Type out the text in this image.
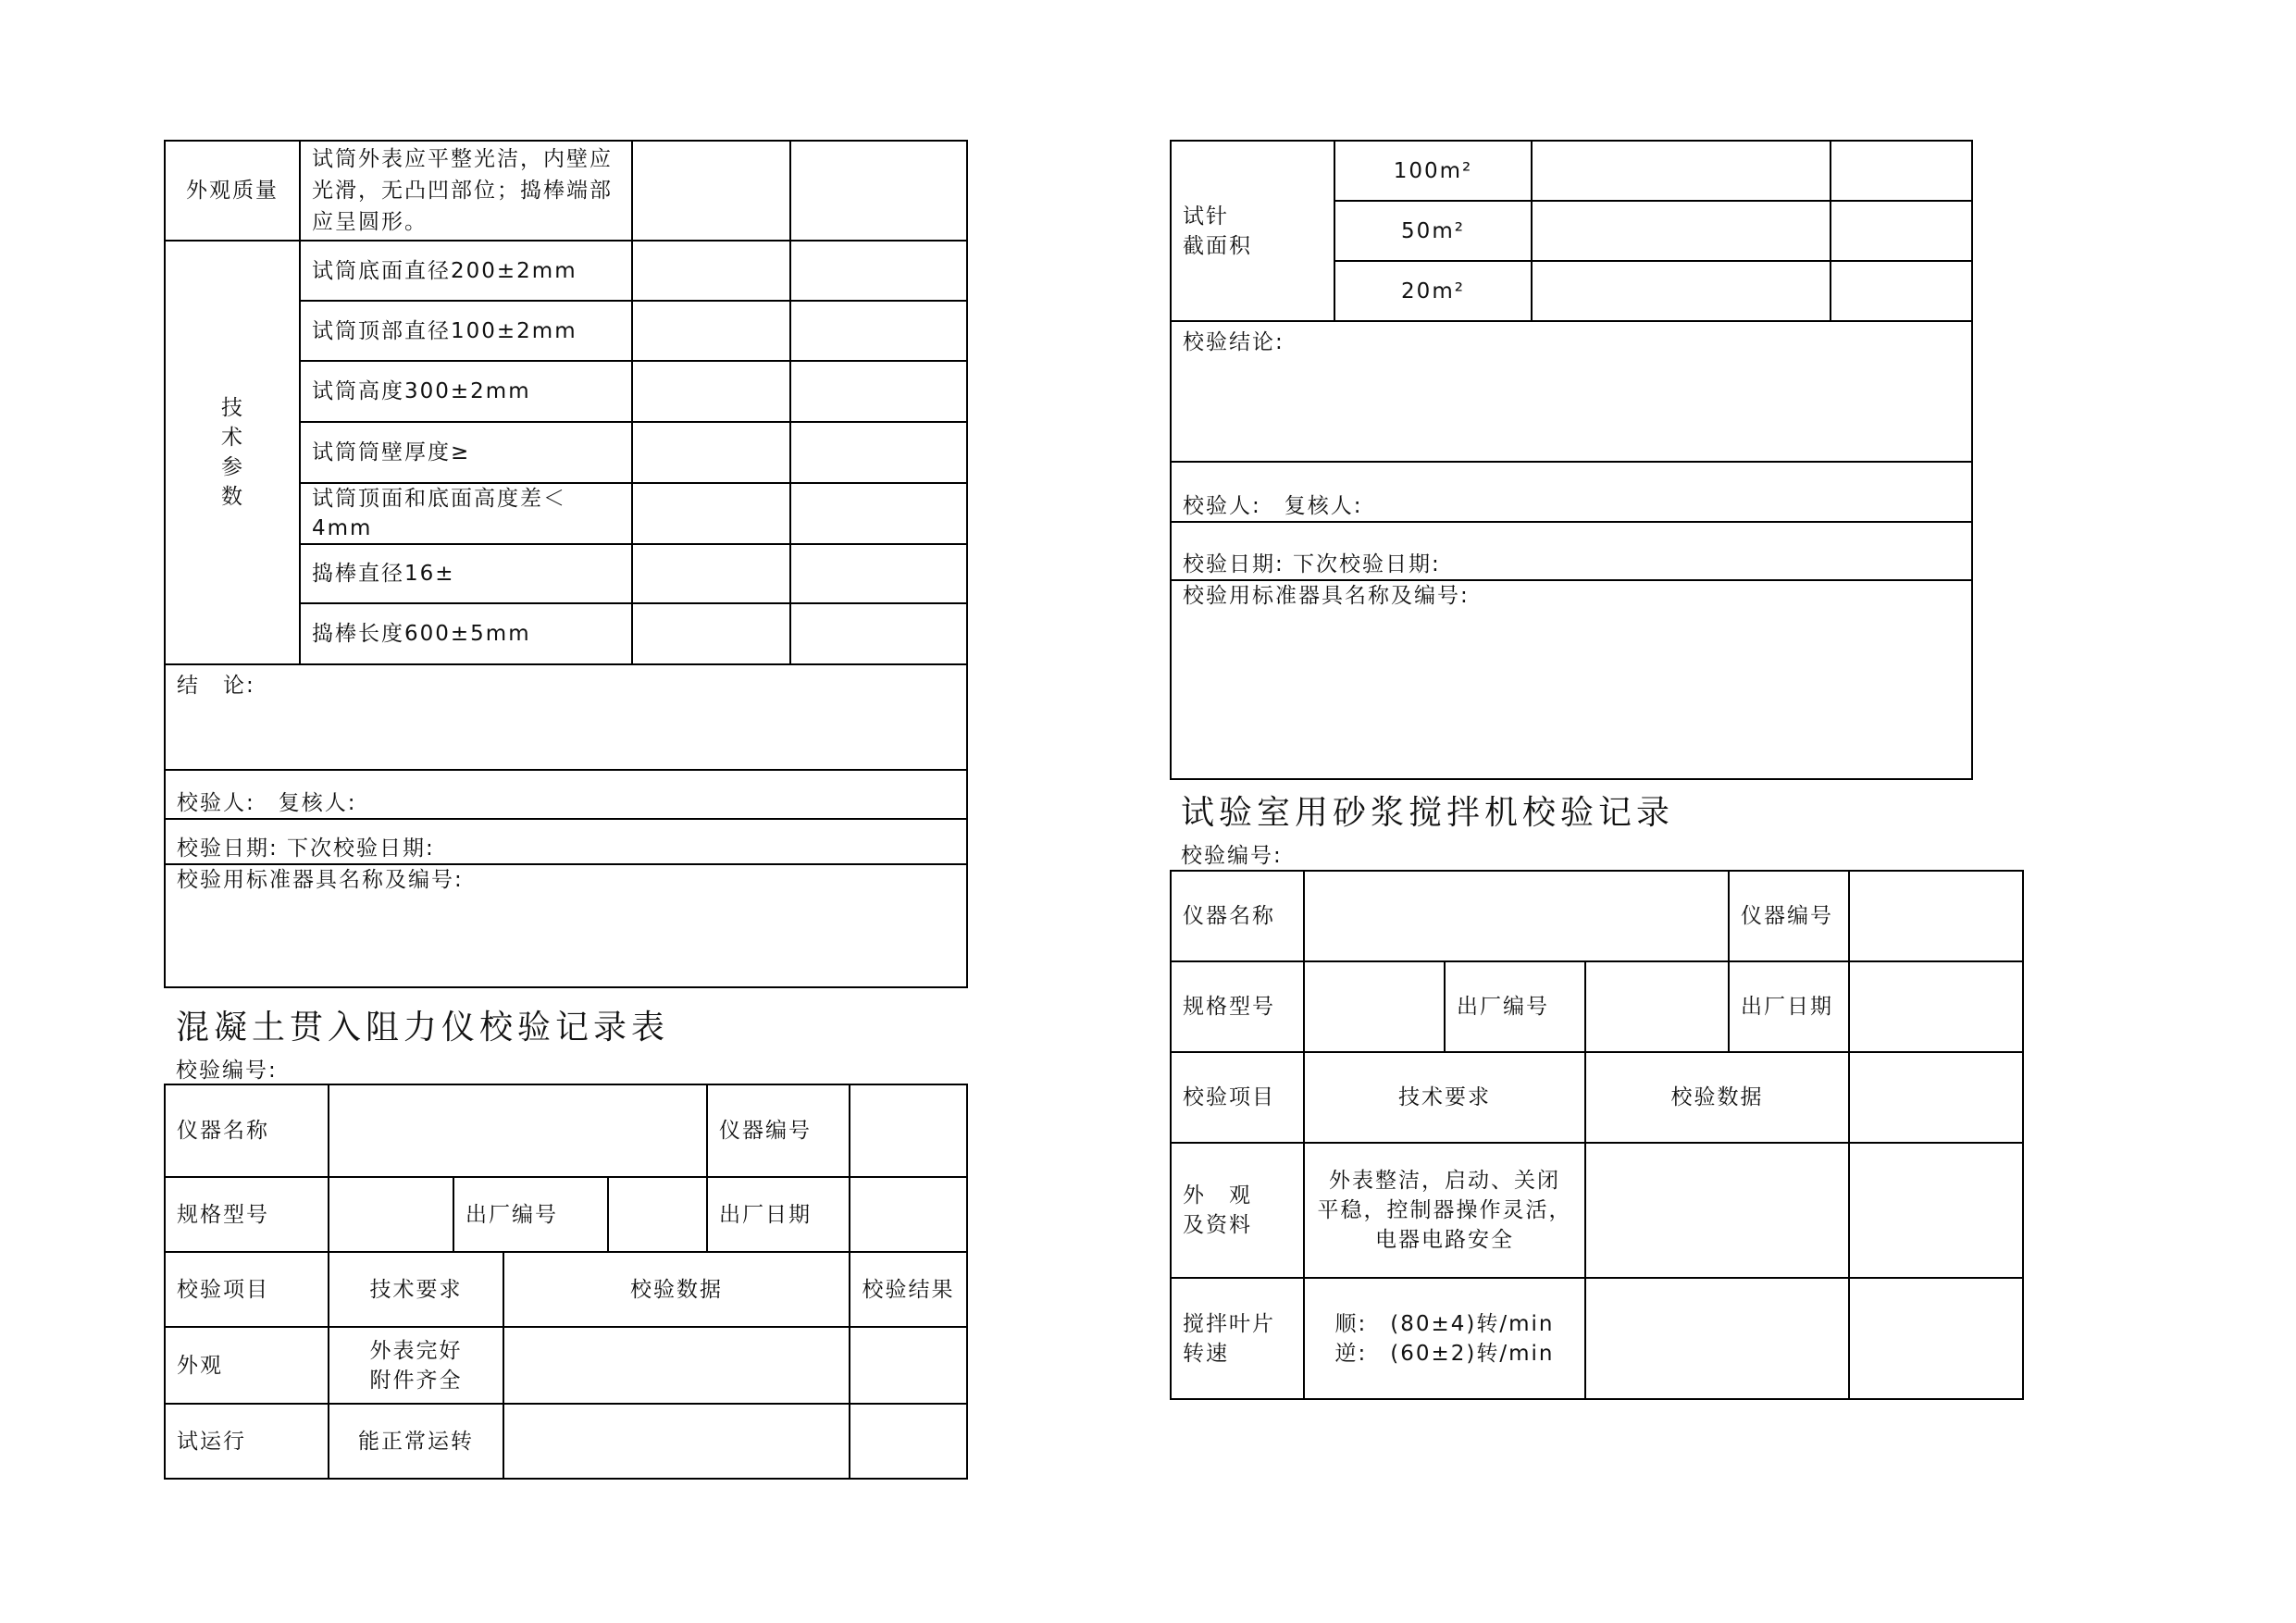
外观质量	试筒外表应平整光洁，内壁应光滑，无凸凹部位；捣棒端部应呈圆形。		

技术参数	试筒底面直径200±2mm		
	试筒顶部直径100±2mm		
	试筒高度300±2mm		
	试筒筒壁厚度≥		
	试筒顶面和底面高度差＜4mm		
	捣棒直径16±		
	捣棒长度600±5mm		
结　论:			
校验人:　复核人:			
校验日期: 下次校验日期:			
校验用标准器具名称及编号:			
混凝土贯入阻力仪校验记录表
校验编号:
仪器名称					仪器编号	
规格型号		出厂编号			出厂日期	
校验项目	技术要求		校验数据			校验结果
外观	外表完好
附件齐全					
试运行	能正常运转					
试针
截面积	100m²		
	50m²		
	20m²		
校验结论:			
校验人:　复核人:			
校验日期: 下次校验日期:			
校验用标准器具名称及编号:			
试验室用砂浆搅拌机校验记录
校验编号:
仪器名称				仪器编号	
规格型号		出厂编号		出厂日期	
校验项目	技术要求		校验数据		
外　观
及资料	外表整洁，启动、关闭
平稳，控制器操作灵活，
电器电路安全				
搅拌叶片
转速	顺:　(80±4)转/min
逆:　(60±2)转/min				
